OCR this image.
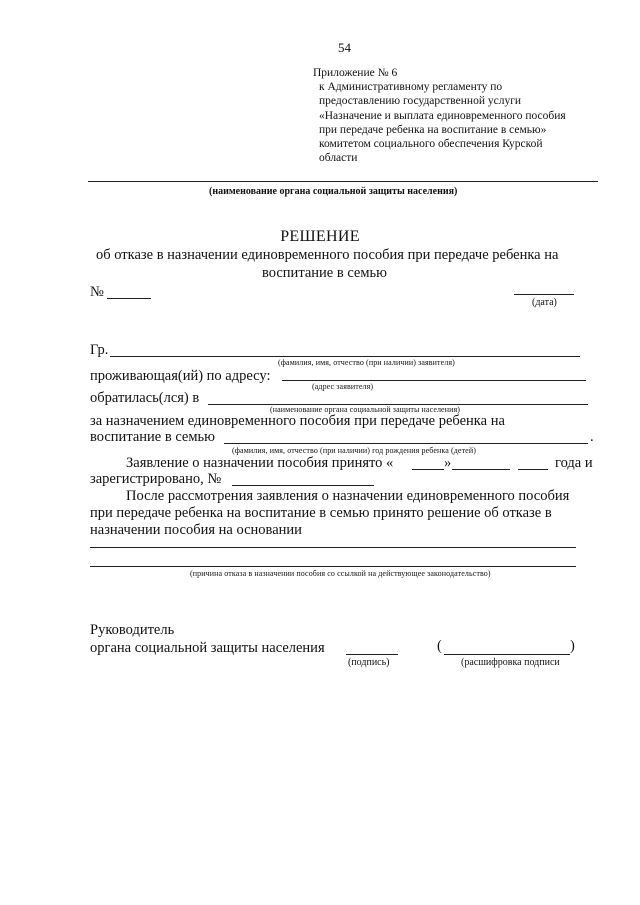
54
Приложение № 6
к Административному регламенту по
предоставлению государственной услуги
«Назначение и выплата единовременного пособия
при передаче ребенка на воспитание в семью»
комитетом социального обеспечения Курской
области
(наименование органа социальной защиты населения)
РЕШЕНИЕ
об отказе в назначении единовременного пособия при передаче ребенка на
воспитание в семью
№
(дата)
Гр.
(фамилия, имя, отчество (при наличии) заявителя)
проживающая(ий) по адресу:
(адрес заявителя)
обратилась(лся) в
(наименование органа социальной защиты населения)
за назначением единовременного пособия при передаче ребенка на
воспитание в семью	.
(фамилия, имя, отчество (при наличии) год рождения ребенка (детей)
Заявление о назначении пособия принято «	»	года и
зарегистрировано, №
После рассмотрения заявления о назначении единовременного пособия
при передаче ребенка на воспитание в семью принято решение об отказе в
назначении пособия на основании
(причина отказа в назначении пособия со ссылкой на действующее законодательство)
Руководитель
органа социальной защиты населения	(	)
(подпись)	(расшифровка подписи
